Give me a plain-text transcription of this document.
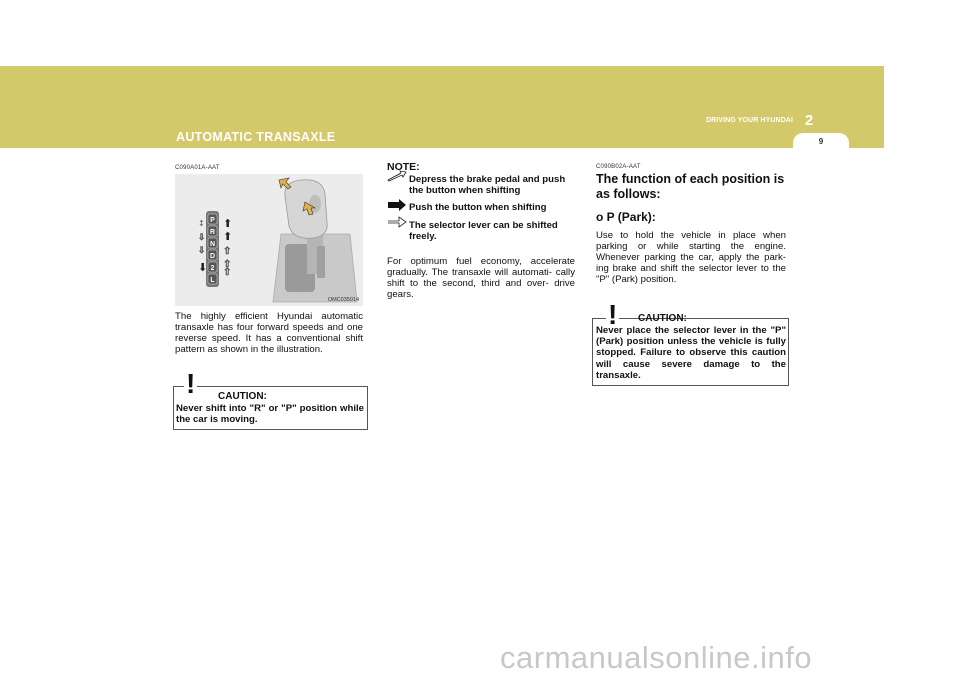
DRIVING YOUR HYUNDAI 2
9
AUTOMATIC TRANSAXLE
C090A01A-AAT
P
R
N
D
2
L
↕
⇩
⇩
⬇
⬆
⬆
⇧
⇧
⇧
OMC035014
The highly efficient Hyundai automatic transaxle has four forward speeds and one reverse speed. It has a conventional shift pattern as shown in the illustration.
! CAUTION:
Never shift into "R" or "P" position while the car is moving.
NOTE:
Depress the brake pedal and push the button when shifting
Push the button when shifting
The selector lever can be shifted freely.
For optimum fuel economy, accelerate gradually. The transaxle will automati- cally shift to the second, third and over- drive gears.
C090B02A-AAT
The function of each position is as follows:
o P (Park):
Use to hold the vehicle in place when parking or while starting the engine. Whenever parking the car, apply the park- ing brake and shift the selector lever to the "P" (Park) position.
! CAUTION:
Never place the selector lever in the "P" (Park) position unless the vehicle is fully stopped. Failure to observe this caution will cause severe damage to the transaxle.
carmanualsonline.info
